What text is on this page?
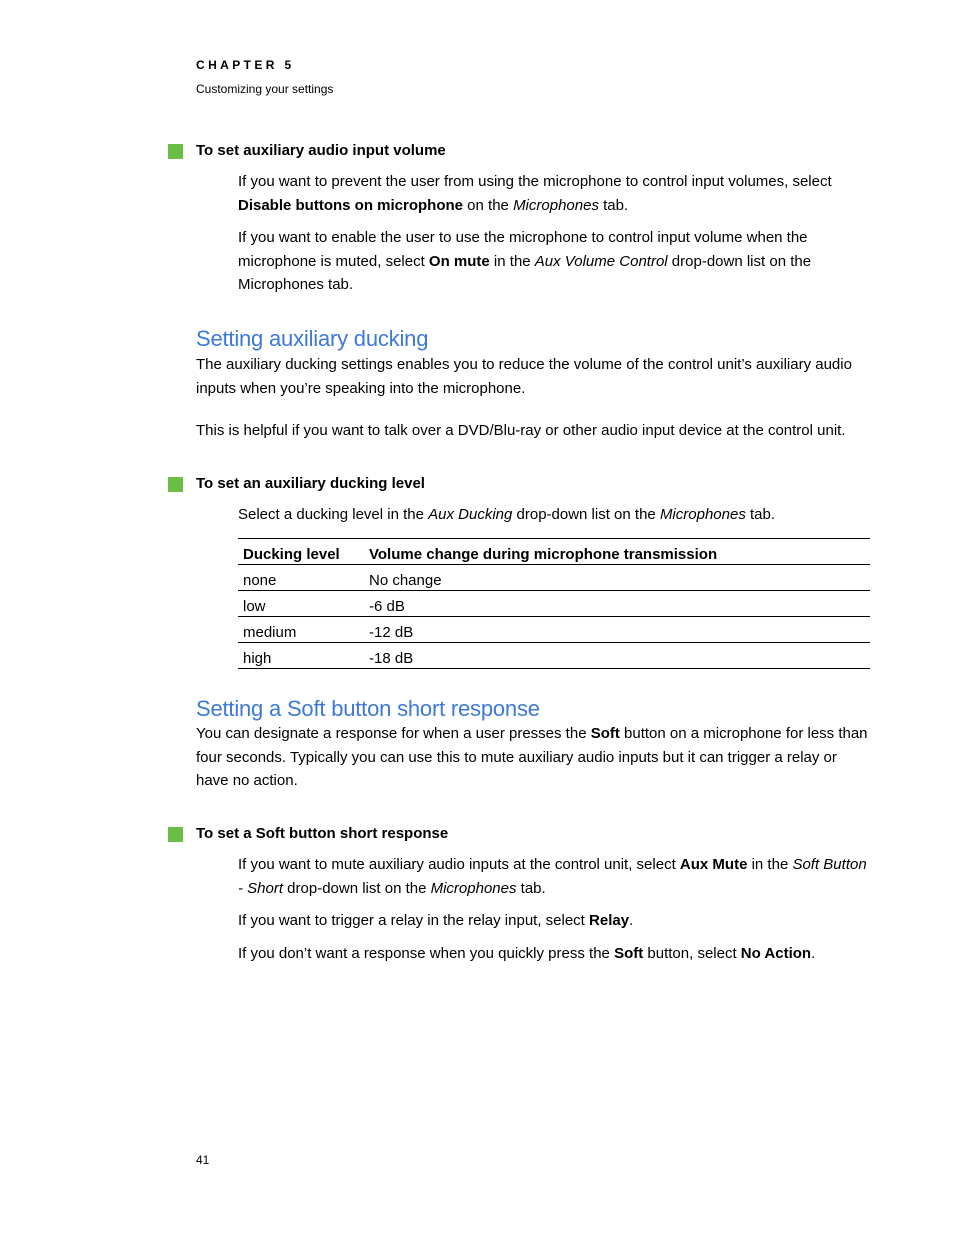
CHAPTER 5
Customizing your settings
To set auxiliary audio input volume
If you want to prevent the user from using the microphone to control input volumes, select Disable buttons on microphone on the Microphones tab.
If you want to enable the user to use the microphone to control input volume when the microphone is muted, select On mute in the Aux Volume Control drop-down list on the Microphones tab.
Setting auxiliary ducking
The auxiliary ducking settings enables you to reduce the volume of the control unit’s auxiliary audio inputs when you’re speaking into the microphone.
This is helpful if you want to talk over a DVD/Blu-ray or other audio input device at the control unit.
To set an auxiliary ducking level
Select a ducking level in the Aux Ducking drop-down list on the Microphones tab.
Ducking level	Volume change during microphone transmission
none	No change
low	-6 dB
medium	-12 dB
high	-18 dB
Setting a Soft button short response
You can designate a response for when a user presses the Soft button on a microphone for less than four seconds. Typically you can use this to mute auxiliary audio inputs but it can trigger a relay or have no action.
To set a Soft button short response
If you want to mute auxiliary audio inputs at the control unit, select Aux Mute in the Soft Button - Short drop-down list on the Microphones tab.
If you want to trigger a relay in the relay input, select Relay.
If you don’t want a response when you quickly press the Soft button, select No Action.
41
